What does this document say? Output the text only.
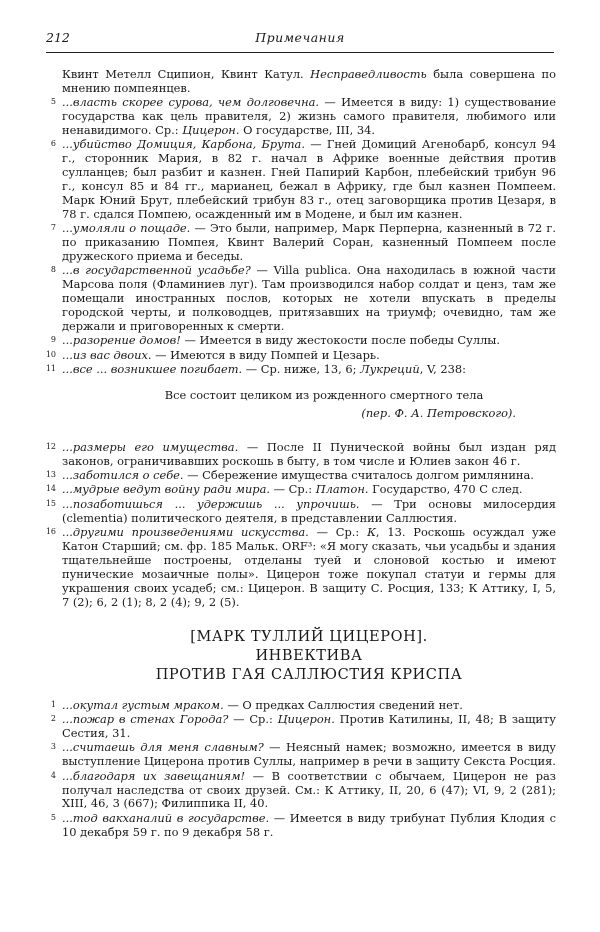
212	Примечания

Квинт Метелл Сципион, Квинт Катул. Несправедливость была совершена по мнению помпеянцев.

5 ...власть скорее сурова, чем долговечна. — Имеется в виду: 1) существование государства как цель правителя, 2) жизнь самого правителя, любимого или ненавидимого. Ср.: Цицерон. О государстве, III, 34.

6 ...убийство Домиция, Карбона, Брута. — Гней Домиций Агенобарб, консул 94 г., сторонник Мария, в 82 г. начал в Африке военные действия против сулланцев; был разбит и казнен. Гней Папирий Карбон, плебейский трибун 96 г., консул 85 и 84 гг., марианец, бежал в Африку, где был казнен Помпеем. Марк Юний Брут, плебейский трибун 83 г., отец заговорщика против Цезаря, в 78 г. сдался Помпею, осажденный им в Модене, и был им казнен.

7 ...умоляли о пощаде. — Это были, например, Марк Перперна, казненный в 72 г. по приказанию Помпея, Квинт Валерий Соран, казненный Помпеем после дружеского приема и беседы.

8 ...в государственной усадьбе? — Villa publica. Она находилась в южной части Марсова поля (Фламиниев луг). Там производился набор солдат и ценз, там же помещали иностранных послов, которых не хотели впускать в пределы городской черты, и полководцев, притязавших на триумф; очевидно, там же держали и приговоренных к смерти.

9 ...разорение домов! — Имеется в виду жестокости после победы Суллы.

10 ...из вас двоих. — Имеются в виду Помпей и Цезарь.

11 ...все ... возникшее погибает. — Ср. ниже, 13, 6; Лукреций, V, 238:

Все состоит целиком из рожденного смертного тела

(пер. Ф. А. Петровского).

12 ...размеры его имущества. — После II Пунической войны был издан ряд законов, ограничивавших роскошь в быту, в том числе и Юлиев закон 46 г.

13 ...заботился о себе. — Сбережение имущества считалось долгом римлянина.

14 ...мудрые ведут войну ради мира. — Ср.: Платон. Государство, 470 С след.

15 ...позаботишься ... удержишь ... упрочишь. — Три основы милосердия (clementia) политического деятеля, в представлении Саллюстия.

16 ...другими произведениями искусства. — Ср.: К, 13. Роскошь осуждал уже Катон Старший; см. фр. 185 Мальк. ORF³: «Я могу сказать, чьи усадьбы и здания тщательнейше построены, отделаны туей и слоновой костью и имеют пунические мозаичные полы». Цицерон тоже покупал статуи и гермы для украшения своих усадеб; см.: Цицерон. В защиту С. Росция, 133; К Аттику, I, 5, 7 (2); 6, 2 (1); 8, 2 (4); 9, 2 (5).

[МАРК ТУЛЛИЙ ЦИЦЕРОН].
ИНВЕКТИВА
ПРОТИВ ГАЯ САЛЛЮСТИЯ КРИСПА

1 ...окутал густым мраком. — О предках Саллюстия сведений нет.

2 ...пожар в стенах Города? — Ср.: Цицерон. Против Катилины, II, 48; В защиту Сестия, 31.

3 ...считаешь для меня славным? — Неясный намек; возможно, имеется в виду выступление Цицерона против Суллы, например в речи в защиту Секста Росция.

4 ...благодаря их завещаниям! — В соответствии с обычаем, Цицерон не раз получал наследства от своих друзей. См.: К Аттику, II, 20, 6 (47); VI, 9, 2 (281); XIII, 46, 3 (667); Филиппика II, 40.

5 ...тод вакханалий в государстве. — Имеется в виду трибунат Публия Клодия с 10 декабря 59 г. по 9 декабря 58 г.
